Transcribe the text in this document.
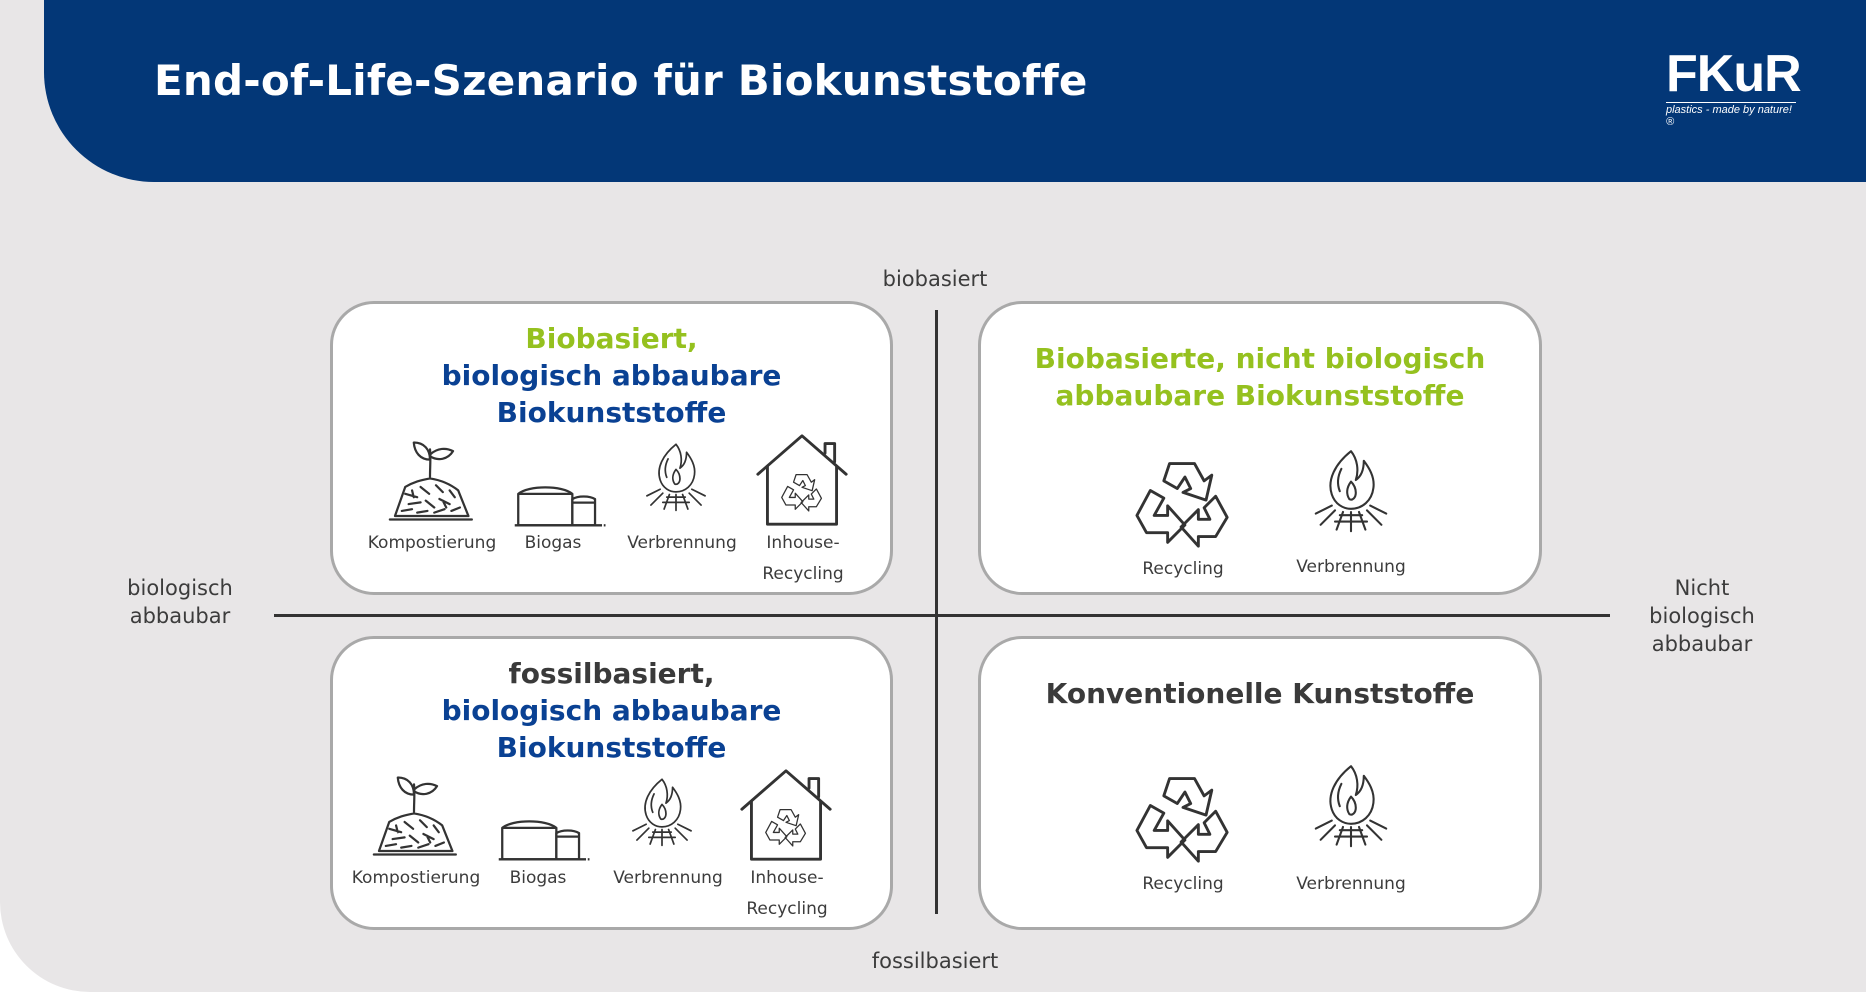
End-of-Life-Szenario für Biokunststoffe	FKuR
plastics - made by nature!®
biobasiert
fossilbasiert
biologisch
abbaubar
Nicht
biologisch
abbaubar
Biobasiert,
biologisch abbaubare
Biokunststoffe
Kompostierung	Biogas	Verbrennung	Inhouse-
Recycling
Biobasierte, nicht biologisch
abbaubare Biokunststoffe
Recycling	Verbrennung
fossilbasiert,
biologisch abbaubare
Biokunststoffe
Kompostierung	Biogas	Verbrennung	Inhouse-
Recycling
Konventionelle Kunststoffe
Recycling	Verbrennung
